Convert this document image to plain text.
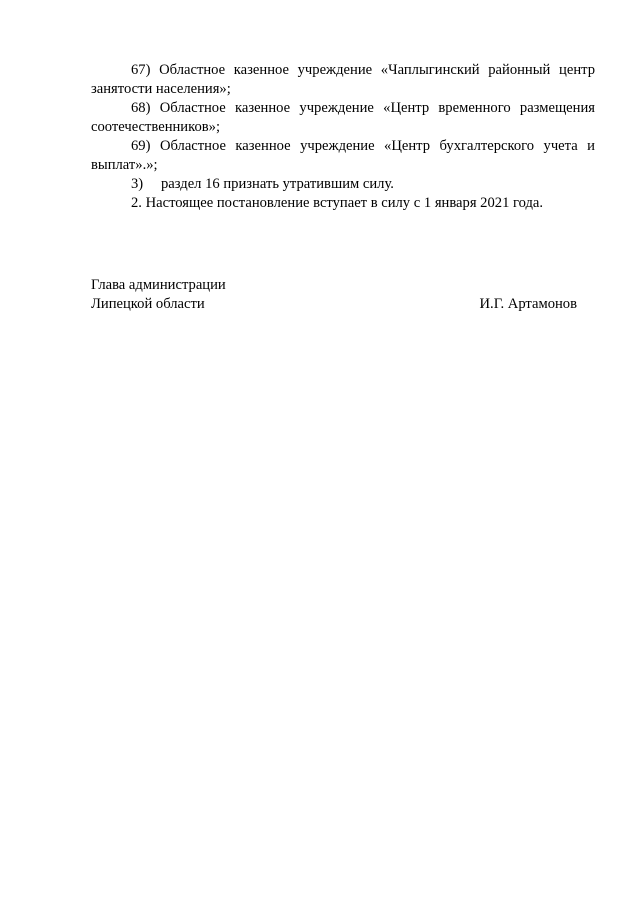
67) Областное казенное учреждение «Чаплыгинский районный центр занятости населения»;

68) Областное казенное учреждение «Центр временного размещения соотечественников»;

69) Областное казенное учреждение «Центр бухгалтерского учета и выплат».»;

3) раздел 16 признать утратившим силу.

2. Настоящее постановление вступает в силу с 1 января 2021 года.

Глава администрации
Липецкой области	И.Г. Артамонов
